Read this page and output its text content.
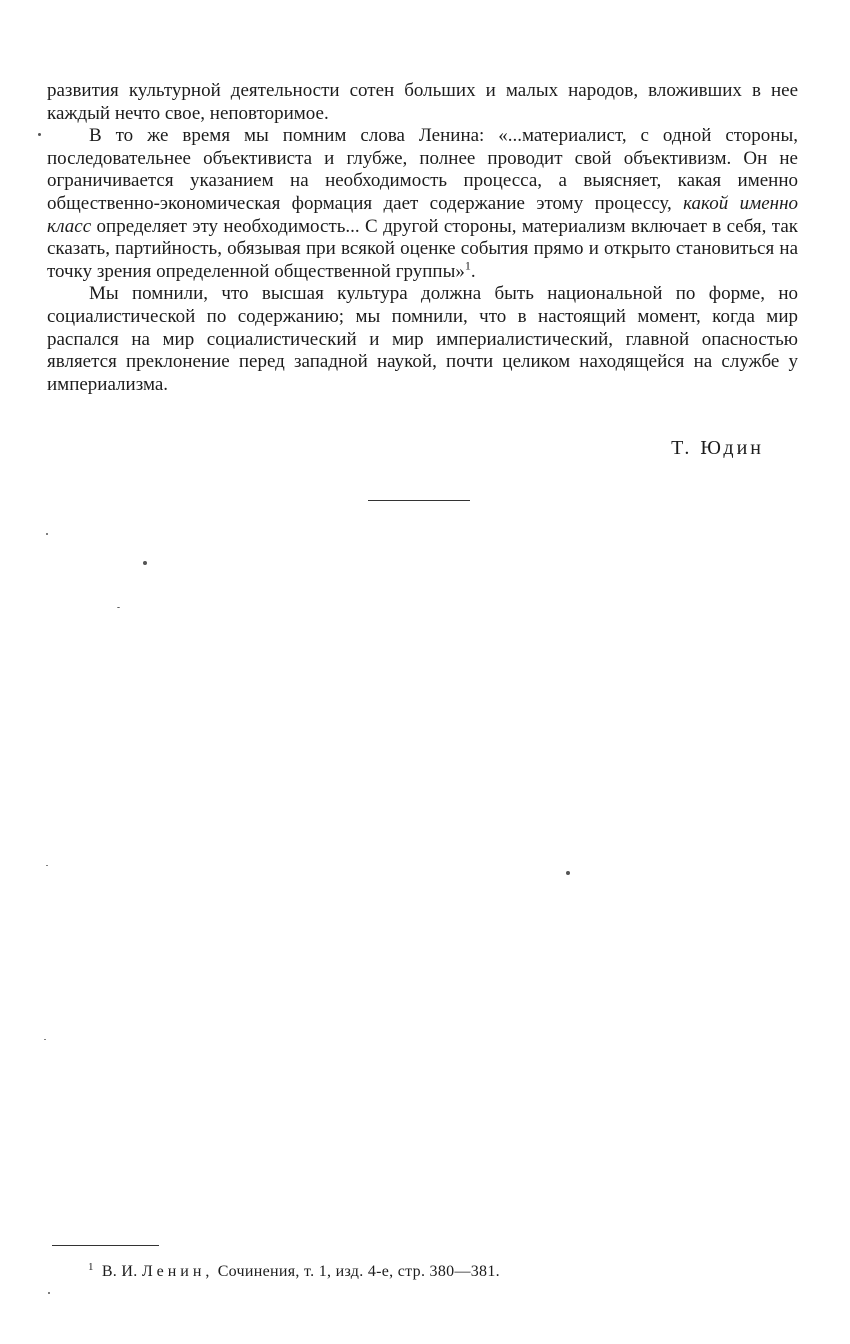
развития культурной деятельности сотен больших и малых народов, вложивших в нее каждый нечто свое, неповторимое.

В то же время мы помним слова Ленина: «...материалист, с одной стороны, последовательнее объективиста и глубже, полнее проводит свой объективизм. Он не ограничивается указанием на необходимость процесса, а выясняет, какая именно общественно-экономическая формация дает содержание этому процессу, какой именно класс определяет эту необходимость... С другой стороны, материализм включает в себя, так сказать, партийность, обязывая при всякой оценке события прямо и открыто становиться на точку зрения определенной общественной группы»$^1$.

Мы помнили, что высшая культура должна быть национальной по форме, но социалистической по содержанию; мы помнили, что в настоящий момент, когда мир распался на мир социалистический и мир империалистический, главной опасностью является преклонение перед западной наукой, почти целиком находящейся на службе у империализма.

Т. Юдин
$^1$ В. И. Ленин, Сочинения, т. 1, изд. 4-е, стр. 380—381.
